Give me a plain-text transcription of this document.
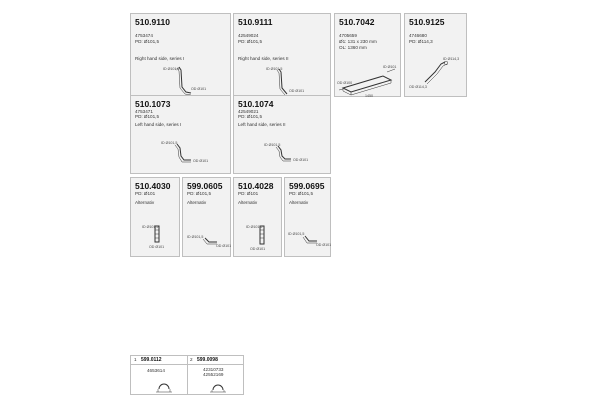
510.9110
4753474
PD: Ø101,5
Right hand side, series I
ID Ø101,5
OD Ø101
510.9111
42549024
PD: Ø101,5
Right hand side, series II
ID Ø101,5
OD Ø101
510.7042
4705659
Ø1: 131 x 230 mm
OL: 1360 mm
ID Ø101
OD Ø100
1450
510.9125
4746680
PD: Ø114,3
ID Ø114,3
OD Ø114,3
510.1073
4753471
PD: Ø101,5
Left hand side, series I
ID Ø101,5
OD Ø101
510.1074
42549021
PD: Ø101,5
Left hand side, series II
ID Ø101,5
OD Ø101
510.4030
PD: Ø101
Alternativ
ID Ø101,5
OD Ø101
599.0605
PD: Ø101,5
Alternativ
ID Ø101,5
OD Ø101
510.4028
PD: Ø101
Alternativ
ID Ø101,5
OD Ø101
599.0695
PD: Ø101,5
Alternativ
ID Ø101,5
OD Ø101
1 599.0112
4653614
2 599.0098
42310733
42552169
